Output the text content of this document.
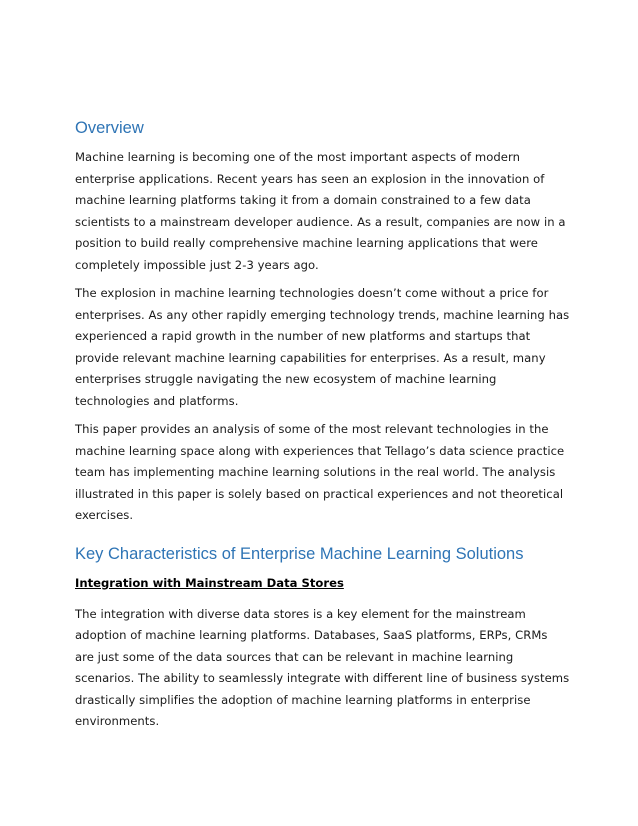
Overview

Machine learning is becoming one of the most important aspects of modern
enterprise applications. Recent years has seen an explosion in the innovation of
machine learning platforms taking it from a domain constrained to a few data
scientists to a mainstream developer audience. As a result, companies are now in a
position to build really comprehensive machine learning applications that were
completely impossible just 2-3 years ago.

The explosion in machine learning technologies doesn’t come without a price for
enterprises. As any other rapidly emerging technology trends, machine learning has
experienced a rapid growth in the number of new platforms and startups that
provide relevant machine learning capabilities for enterprises. As a result, many
enterprises struggle navigating the new ecosystem of machine learning
technologies and platforms.

This paper provides an analysis of some of the most relevant technologies in the
machine learning space along with experiences that Tellago’s data science practice
team has implementing machine learning solutions in the real world. The analysis
illustrated in this paper is solely based on practical experiences and not theoretical
exercises.

Key Characteristics of Enterprise Machine Learning Solutions

Integration with Mainstream Data Stores

The integration with diverse data stores is a key element for the mainstream
adoption of machine learning platforms. Databases, SaaS platforms, ERPs, CRMs
are just some of the data sources that can be relevant in machine learning
scenarios. The ability to seamlessly integrate with different line of business systems
drastically simplifies the adoption of machine learning platforms in enterprise
environments.
